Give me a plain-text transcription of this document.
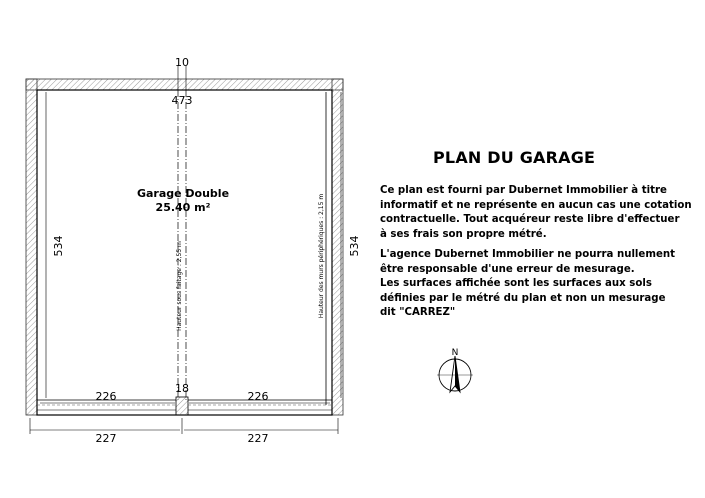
10
473
534	534
226
18
226
227	227
Garage Double
25.40 m²
Hauteur sous faitage : 2,55 m	Hauteur des murs périphériques : 2,15 m
N
PLAN DU GARAGE
Ce plan est fourni par Dubernet Immobilier à titre
informatif et ne représente en aucun cas une cotation
contractuelle. Tout acquéreur reste libre d'effectuer
à ses frais son propre métré.
L'agence Dubernet Immobilier ne pourra nullement
être responsable d'une erreur de mesurage.
Les surfaces affichée sont les surfaces aux sols
définies par le métré du plan et non un mesurage
dit "CARREZ"
